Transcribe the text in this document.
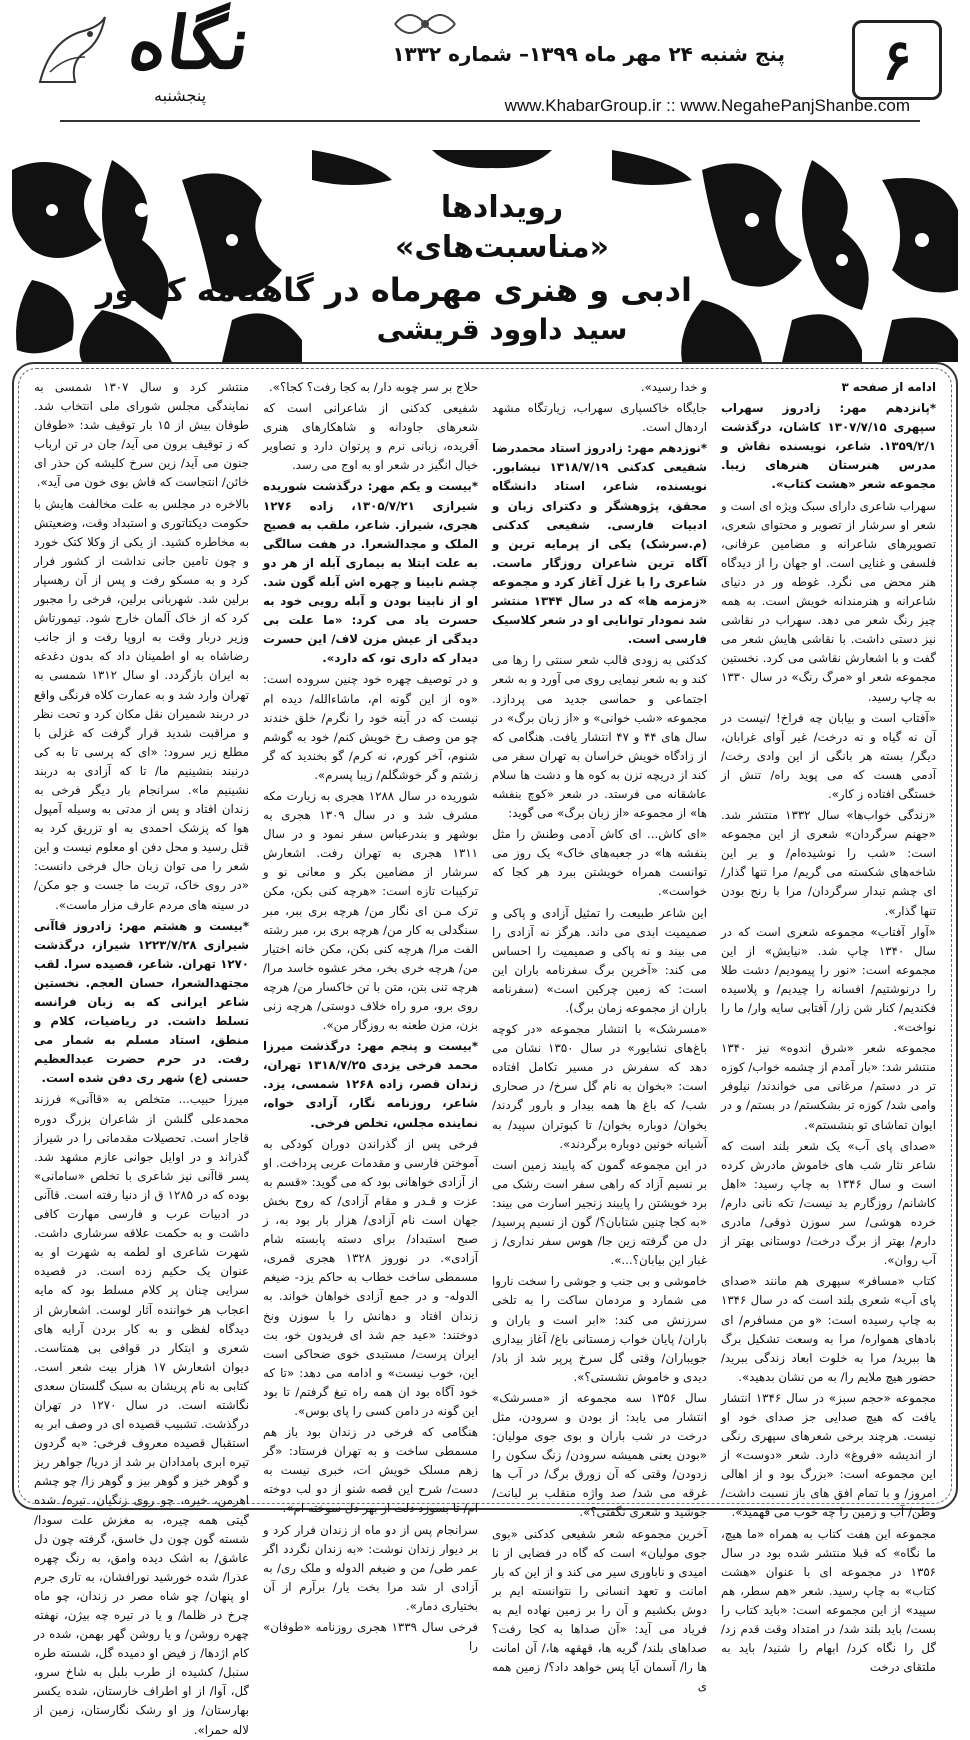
۶
نگاه
پنجشنبه
پنج شنبه ۲۴ مهر ماه ۱۳۹۹– شماره ۱۳۳۲
www.KhabarGroup.ir :: www.NegahePanjShanbe.com
رویدادها
«مناسبت‌های»
ادبی و هنری مهرماه در گاهنامه کشور
سید داوود قریشی

ادامه از صفحه ۳

*پانزدهم مهر: زادروز سهراب سپهری ۱۳۰۷/۷/۱۵ کاشان، درگذشت ۱۳۵۹/۲/۱. شاعر، نویسنده نقاش و مدرس هنرستان هنرهای زیبا. مجموعه شعر «هشت کتاب».

سهراب شاعری دارای سبک ویژه ای است و شعر او سرشار از تصویر و محتوای شعری، تصویرهای شاعرانه و مضامین عرفانی، فلسفی و غنایی است. او جهان را از دیدگاه هنر محض می نگرد. غوطه ور در دنیای شاعرانه و هنرمندانه خویش است. به همه چیز رنگ شعر می دهد. سهراب در نقاشی نیز دستی داشت. با نقاشی هایش شعر می گفت و با اشعارش نقاشی می کرد. نخستین مجموعه شعر او «مرگ رنگ» در سال ۱۳۳۰ به چاپ رسید.

«آفتاب است و بیابان چه فراخ! /نیست در آن نه گیاه و نه درخت/ غیر آوای غرابان، دیگر/ بسته هر بانگی از این وادی رخت/ آدمی هست که می پوید راه/ تنش از خستگی افتاده ز کار».

«زندگی خواب‌ها» سال ۱۳۳۲ منتشر شد. «جهنم سرگردان» شعری از این مجموعه است: «شب را نوشیده‌ام/ و بر این شاخه‌های شکسته می گریم/ مرا تنها گذار/ ای چشم تبدار سرگردان/ مرا با رنج بودن تنها گذار».

«آوار آفتاب» مجموعه شعری است که در سال ۱۳۴۰ چاپ شد. «نیایش» از این مجموعه است: «نور را پیمودیم/ دشت طلا را درنوشتیم/ افسانه را چیدیم/ و پلاسیده فکندیم/ کنار شن زار/ آفتابی سایه وار/ ما را نواخت».

مجموعه شعر «شرق اندوه» نیز ۱۳۴۰ منتشر شد: «بار آمدم از چشمه خواب/ کوزه تر در دستم/ مرغانی می خواندند/ نیلوفر وامی شد/ کوزه تر بشکستم/ در بستم/ و در ایوان تماشای تو بنشستم».

«صدای پای آب» یک شعر بلند است که شاعر نثار شب های خاموش مادرش کرده است و سال ۱۳۴۶ به چاپ رسید: «اهل کاشانم/ روزگارم بد نیست/ تکه نانی دارم/ خرده هوشی/ سر سوزن ذوقی/ مادری دارم/ بهتر از برگ درخت/ دوستانی بهتر از آب روان».

کتاب «مسافر» سپهری هم مانند «صدای پای آب» شعری بلند است که در سال ۱۳۴۶ به چاپ رسیده است: «و من مسافرم/ ای بادهای همواره/ مرا به وسعت تشکیل برگ ها ببرید/ مرا به خلوت ابعاد زندگی ببرید/ حضور هیچ ملایم را/ به من نشان بدهید».

مجموعه «حجم سبز» در سال ۱۳۴۶ انتشار یافت که هیچ صدایی جز صدای خود او نیست. هرچند برخی شعرهای سپهری رنگی از اندیشه «فروغ» دارد. شعر «دوست» از این مجموعه است: «بزرگ بود و از اهالی امروز/ و با تمام افق های باز نسبت داشت/ وطن/ آب و زمین را چه خوب می فهمید».

مجموعه این هفت کتاب به همراه «ما هیچ، ما نگاه» که قبلا منتشر شده بود در سال ۱۳۵۶ در مجموعه ای با عنوان «هشت کتاب» به چاپ رسید. شعر «هم سطر، هم سپید» از این مجموعه است: «باید کتاب را بست/ باید بلند شد/ در امتداد وقت قدم زد/ گل را نگاه کرد/ ابهام را شنید/ باید به ملتقای درخت

و خدا رسید».

جایگاه خاکسپاری سهراب، زیارتگاه مشهد اردهال است.

*نوزدهم مهر: زادروز استاد محمدرضا شفیعی کدکنی ۱۳۱۸/۷/۱۹ نیشابور. نویسنده، شاعر، استاد دانشگاه محقق، پژوهشگر و دکترای زبان و ادبیات فارسی. شفیعی کدکنی (م.سرشک) یکی از پرمایه ترین و آگاه ترین شاعران روزگار ماست. شاعری را با غزل آغاز کرد و مجموعه «زمزمه ها» که در سال ۱۳۴۴ منتشر شد نمودار توانایی او در شعر کلاسیک فارسی است.

کدکنی به زودی قالب شعر سنتی را رها می کند و به شعر نیمایی روی می آورد و به شعر اجتماعی و حماسی جدید می پردازد. مجموعه «شب خوانی» و «از زبان برگ» در سال های ۴۴ و ۴۷ انتشار یافت. هنگامی که از زادگاه خویش خراسان به تهران سفر می کند از دریچه تزن به کوه ها و دشت ها سلام عاشقانه می فرستد. در شعر «کوچ بنفشه ها» از مجموعه «از زبان برگ» می گوید:

«ای کاش... ای کاش آدمی وطنش را مثل بنفشه ها» در جعبه‌های خاک» یک روز می توانست همراه خویشتن ببرد هر کجا که خواست».

این شاعر طبیعت را تمثیل آزادی و پاکی و صمیمیت ابدی می داند. هرگز نه آزادی را می بیند و نه پاکی و صمیمیت را احساس می کند: «آخرین برگ سفرنامه باران این است: که زمین چرکین است» (سفرنامه باران از مجموعه زمان برگ).

«مسرشک» با انتشار مجموعه «در کوچه باغ‌های نشابور» در سال ۱۳۵۰ نشان می دهد که سفرش در مسیر تکامل افتاده است: «بخوان به نام گل سرخ/ در صحاری شب/ که باغ ها همه بیدار و بارور گردند/ بخوان/ دوباره بخوان/ تا کبوتران سپید/ به آشیانه خونین دوباره برگردند».

در این مجموعه گمون که پایبند زمین است بر نسیم آزاد که راهی سفر است رشک می برد خویشتن را پایبند زنجیر اسارت می بیند: «به کجا چنین شتابان؟/ گون از نسیم پرسید/ دل من گرفته زین جا/ هوس سفر نداری/ ز غبار این بیابان؟...».

خاموشی و بی جنب و جوشی را سخت ناروا می شمارد و مردمان ساکت را به تلخی سرزنش می کند: «ابر است و باران و باران/ پایان خواب زمستانی باغ/ آغاز بیداری جویباران/ وقتی گل سرخ پرپر شد از باد/ دیدی و خاموش نشستی؟».

سال ۱۳۵۶ سه مجموعه از «مسرشک» انتشار می یابد: از بودن و سرودن، مثل درخت در شب باران و بوی جوی مولیان: «بودن یعنی همیشه سرودن/ زنگ سکون را زدودن/ وقتی که آن زورق برگ/ در آب ها غرقه می شد/ صد واژه منقلب بر لبانت/ جوشید و شعری نگفتی؟».

آخرین مجموعه شعر شفیعی کدکنی «بوی جوی مولیان» است که گاه در فضایی از نا امیدی و ناباوری سیر می کند و از این که بار امانت و تعهد انسانی را نتوانسته ایم بر دوش بکشیم و آن را بر زمین نهاده ایم به فریاد می آید: «آن صداها به کجا رفت؟ صداهای بلند/ گریه ها، قهقهه ها،/ آن امانت ها را/ آسمان آیا پس خواهد داد؟/ زمین همه ی

حلاج بر سر چوبه دار/ به کجا رفت؟ کجا؟».

شفیعی کدکنی از شاعرانی است که شعرهای جاودانه و شاهکارهای هنری آفریده، زبانی نرم و پرتوان دارد و تصاویر خیال انگیز در شعر او به اوج می رسد.

*بیست و یکم مهر: درگذشت شوریده شیرازی ۱۳۰۵/۷/۲۱، زاده ۱۲۷۶ هجری، شیراز. شاعر، ملقب به فصیح الملک و مجدالشعرا. در هفت سالگی به علت ابتلا به بیماری آبله از هر دو چشم نابینا و چهره اش آبله گون شد. او از نابینا بودن و آبله رویی خود به حسرت یاد می کرد: «ما علت بی دیدگی از عیش مزن لاف/ این حسرت دیدار که داری تو، که دارد».

و در توصیف چهره خود چنین سروده است: «وه از این گونه ام، ماشاءالله/ دیده ام نیست که در آینه خود را نگرم/ خلق خندند چو من وصف رخ خویش کنم/ خود به گوشم شنوم، آخر کورم، نه کرم/ گو بخندید که گر زشتم و گر خوشگلم/ زیبا پسرم».

شوریده در سال ۱۲۸۸ هجری به زیارت مکه مشرف شد و در سال ۱۳۰۹ هجری به بوشهر و بندرعباس سفر نمود و در سال ۱۳۱۱ هجری به تهران رفت. اشعارش سرشار از مضامین بکر و معانی نو و ترکیبات تازه است: «هرچه کنی بکن، مکن ترک مـن ای نگار من/ هرچه بری ببر، مبر سنگدلی به کار من/ هرچه بری بر، مبر رشته الفت مرا/ هرچه کنی بکن، مکن خانه اختیار من/ هرچه خری بخر، مخر عشوه خاسد مرا/ هرچه تنی بتن، متن با تن خاکسار من/ هرچه روی برو، مرو راه خلاف دوستی/ هرچه زنی بزن، مزن طعنه به روزگار من».

*بیست و پنجم مهر: درگذشت میرزا محمد فرخی یزدی ۱۳۱۸/۷/۲۵ تهران، زندان قصر، زاده ۱۲۶۸ شمسی، یزد. شاعر، روزنامه نگار، آزادی خواه، نماینده مجلس، تخلص فرخی.

فرخی پس از گذراندن دوران کودکی به آموختن فارسی و مقدمات عربی پرداخت. او از آزادی خواهانی بود که می گوید: «قسم به عزت و قـدر و مقام آزادی/ که روح بخش جهان است نام آزادی/ هزار بار بود به، ز صبح استبداد/ برای دسته پابسته شام آزادی». در نوروز ۱۳۲۸ هجری قمری، مسمطی ساخت خطاب به حاکم یزد- ضیغم الدوله- و در جمع آزادی خواهان خواند. به زندان افتاد و دهانش را با سوزن ونخ دوختند: «عید جم شد ای فریدون خو، بت ایران پرست/ مستبدی خوی ضحاکی است این، خوب نیست» و ادامه می دهد: «تا که خود آگاه بود ان همه راه تیغ گرفتم/ تا بود این گونه در دامن کسی را پای بوس».

هنگامی که فرخی در زندان بود باز هم مسمطی ساخت و به تهران فرستاد: «گر زهم مسلک خویش ات، خبری نیست به دست/ شرح این قصه شنو از دو لب دوخته ام/ تا بسوزد دلت از بهر دل سوخته ام».

سرانجام پس از دو ماه از زندان فرار کرد و بر دیوار زندان نوشت: «به زندان نگردد اگر عمر طی/ من و ضیغم الدوله و ملک ری/ به آزادی ار شد مرا بخت یار/ برآرم از آن بختیاری دمار».

فرخی سال ۱۳۳۹ هجری روزنامه «طوفان» را

منتشر کرد و سال ۱۳۰۷ شمسی به نمایندگی مجلس شورای ملی انتخاب شد. طوفان بیش از ۱۵ بار توقیف شد: «طوفان که ز توقیف برون می آید/ جان در تن ارباب جنون می آید/ زین سرخ کلیشه کن حذر ای خائن/ انتجاست که فاش بوی خون می آید».

بالاخره در مجلس به علت مخالفت هایش با حکومت دیکتاتوری و استبداد وقت، وضعیتش به مخاطره کشید. از یکی از وکلا کتک خورد و چون تامین جانی نداشت از کشور فرار کرد و به مسکو رفت و پس از آن رهسپار برلین شد. شهربانی برلین، فرخی را مجبور کرد که از خاک آلمان خارج شود. تیمورتاش وزیر دربار وقت به اروپا رفت و از جانب رضاشاه به او اطمینان داد که بدون دغدغه به ایران بازگردد. او سال ۱۳۱۲ شمسی به تهران وارد شد و به عمارت کلاه فرنگی واقع در دربند شمیران نقل مکان کرد و تحت نظر و مراقبت شدید قرار گرفت که غزلی با مطلع زیر سرود: «ای که پرسی تا به کی درنبند بنشینیم ما/ تا که آزادی به دربند نشینیم ما». سرانجام بار دیگر فرخی به زندان افتاد و پس از مدتی به وسیله آمپول هوا که پزشک احمدی به او تزریق کرد به قتل رسید و محل دفن او معلوم نیست و این شعر را می توان زبان حال فرخی دانست: «در روی خاک، تربت ما جست و جو مکن/ در سینه های مردم عارف مزار ماست».

*بیست و هشتم مهر: زادروز قاآنی شیرازی ۱۲۲۳/۷/۲۸ شیراز، درگذشت ۱۲۷۰ تهران. شاعر، قصیده سرا. لقب مجتهدالشعرا، حسان العجم. نخستین شاعر ایرانی که به زبان فرانسه تسلط داشت. در ریاضیات، کلام و منطق، استاد مسلم به شمار می رفت. در حرم حضرت عبدالعظیم حسنی (ع) شهر ری دفن شده است.

میرزا حبیب... متخلص به «قاآنی» فرزند محمدعلی گلشن از شاعران بزرگ دوره قاجار است. تحصیلات مقدماتی را در شیراز گذراند و در اوایل جوانی عازم مشهد شد. پسر قاآنی نیز شاعری با تخلص «سامانی» بوده که در ۱۲۸۵ ق از دنیا رفته است. قاآنی در ادبیات عرب و فارسی مهارت کافی داشت و به حکمت علاقه سرشاری داشت. شهرت شاعری او لطمه به شهرت او به عنوان یک حکیم زده است. در قصیده سرایی چنان پر کلام مسلط بود که مایه اعجاب هر خواننده آثار لوست. اشعارش از دیدگاه لفظی و به کار بردن آرایه های شعری و ابتکار در قوافی بی همتاست. دیوان اشعارش ۱۷ هزار بیت شعر است. کتابی به نام پریشان به سبک گلستان سعدی نگاشته است. در سال ۱۲۷۰ در تهران درگذشت. تشبیب قصیده ای در وصف ابر به استقبال قصیده معروف فرخی: «به گردون تیره ابری بامدادان بر شد از دریا/ جواهر ریز و گوهر خیز و گوهر بیز و گوهر زا/ چو چشم اهرمن، خیره، چو روی زنگیان، تیره/ شده گیتی همه چیره، به مغزش علت سودا/ شسته گون چون دل خاسق، گرفته چون دل عاشق/ به اشک دیده وامق، به رنگ چهره عذرا/ شده خورشید نورافشان، به تاری جرم او پنهان/ چو شاه مصر در زندان، چو ماه چرخ در ظلما/ و یا در تیره چه بیژن، نهفته چهره روشن/ و یا روشن گهر بهمن، شده در کام اژدها/ ز فیض او دمیده گل، شسته طره سنبل/ کشیده از طرب بلبل به شاخ سرو، گل، آوا/ از او اطراف خارستان، شده یکسر بهارستان/ وز او رشک نگارستان، زمین از لاله حمرا».
